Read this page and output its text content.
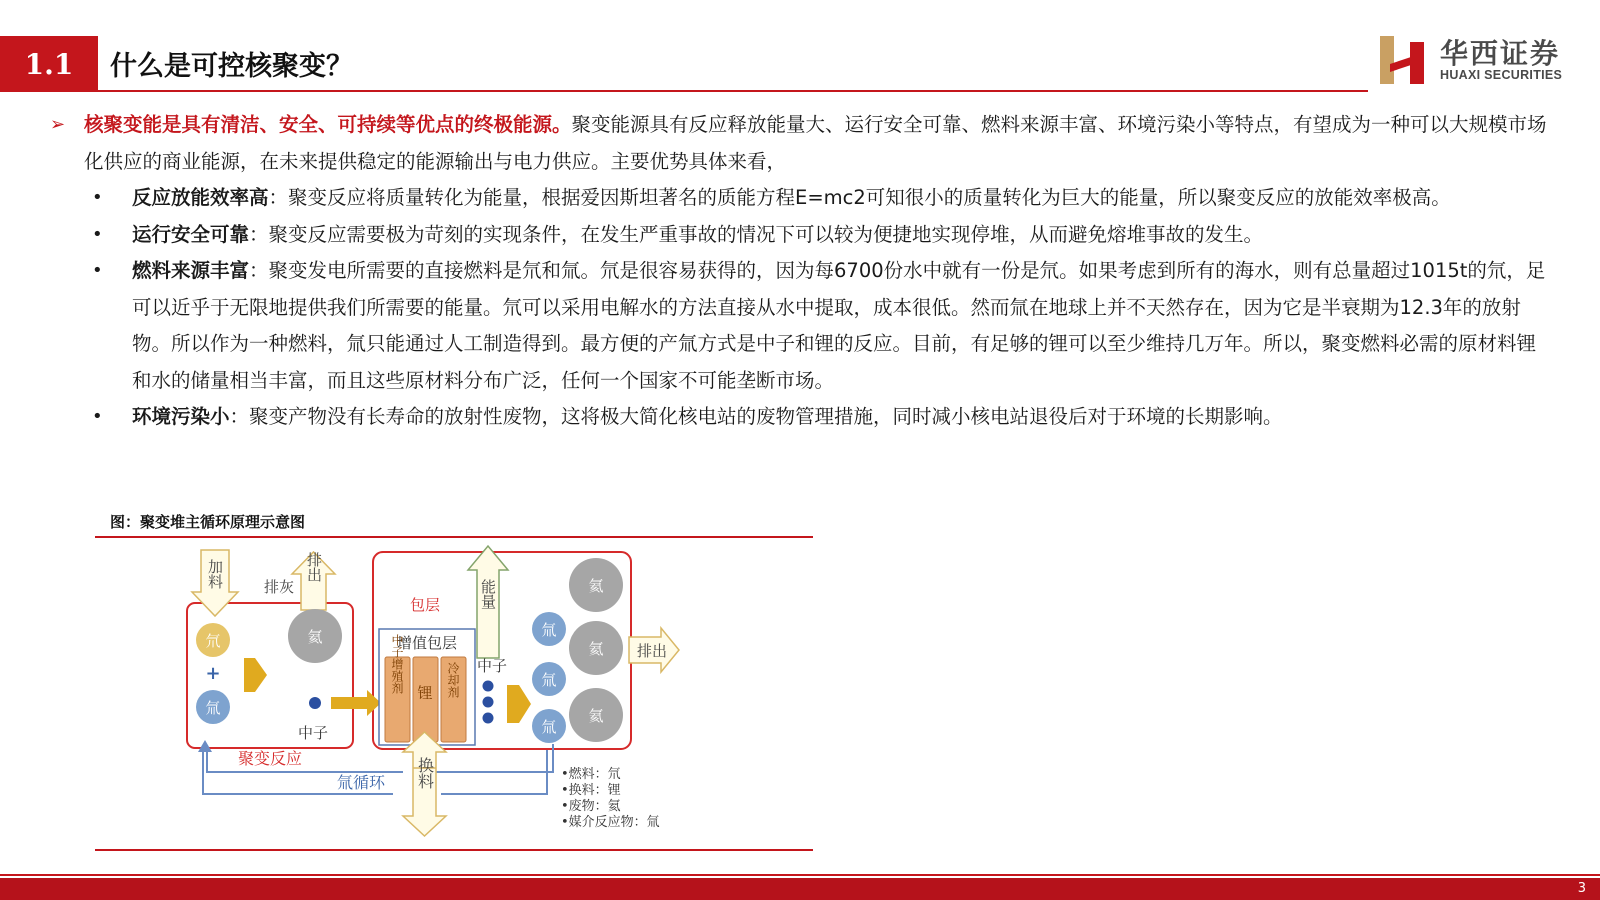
1.1	什么是可控核聚变？	华西证券
HUAXI SECURITIES

➢ 核聚变能是具有清洁、安全、可持续等优点的终极能源。聚变能源具有反应释放能量大、运行安全可靠、燃料来源丰富、环境污染小等特点，有望成为一种可以大规模市场化供应的商业能源，在未来提供稳定的能源输出与电力供应。主要优势具体来看，

• 反应放能效率高：聚变反应将质量转化为能量，根据爱因斯坦著名的质能方程E=mc2可知很小的质量转化为巨大的能量，所以聚变反应的放能效率极高。
• 运行安全可靠：聚变反应需要极为苛刻的实现条件，在发生严重事故的情况下可以较为便捷地实现停堆，从而避免熔堆事故的发生。
• 燃料来源丰富：聚变发电所需要的直接燃料是氘和氚。氘是很容易获得的，因为每6700份水中就有一份是氘。如果考虑到所有的海水，则有总量超过1015t的氘，足可以近乎于无限地提供我们所需要的能量。氘可以采用电解水的方法直接从水中提取，成本很低。然而氚在地球上并不天然存在，因为它是半衰期为12.3年的放射物。所以作为一种燃料，氚只能通过人工制造得到。最方便的产氚方式是中子和锂的反应。目前，有足够的锂可以至少维持几万年。所以，聚变燃料必需的原材料锂和水的储量相当丰富，而且这些原材料分布广泛，任何一个国家不可能垄断市场。
• 环境污染小：聚变产物没有长寿命的放射性废物，这将极大简化核电站的废物管理措施，同时减小核电站退役后对于环境的长期影响。
图：聚变堆主循环原理示意图
加料	排出
排灰
氘
+
氚
氦
中子
包层
增值包层
中子增殖剂 锂 冷却剂
能量
中子
氚
氚
氚
氦
氦
氦
排出
聚变反应
氚循环 换料	•燃料：氘
•换料：锂
•废物：氦
•媒介反应物：氚
3
